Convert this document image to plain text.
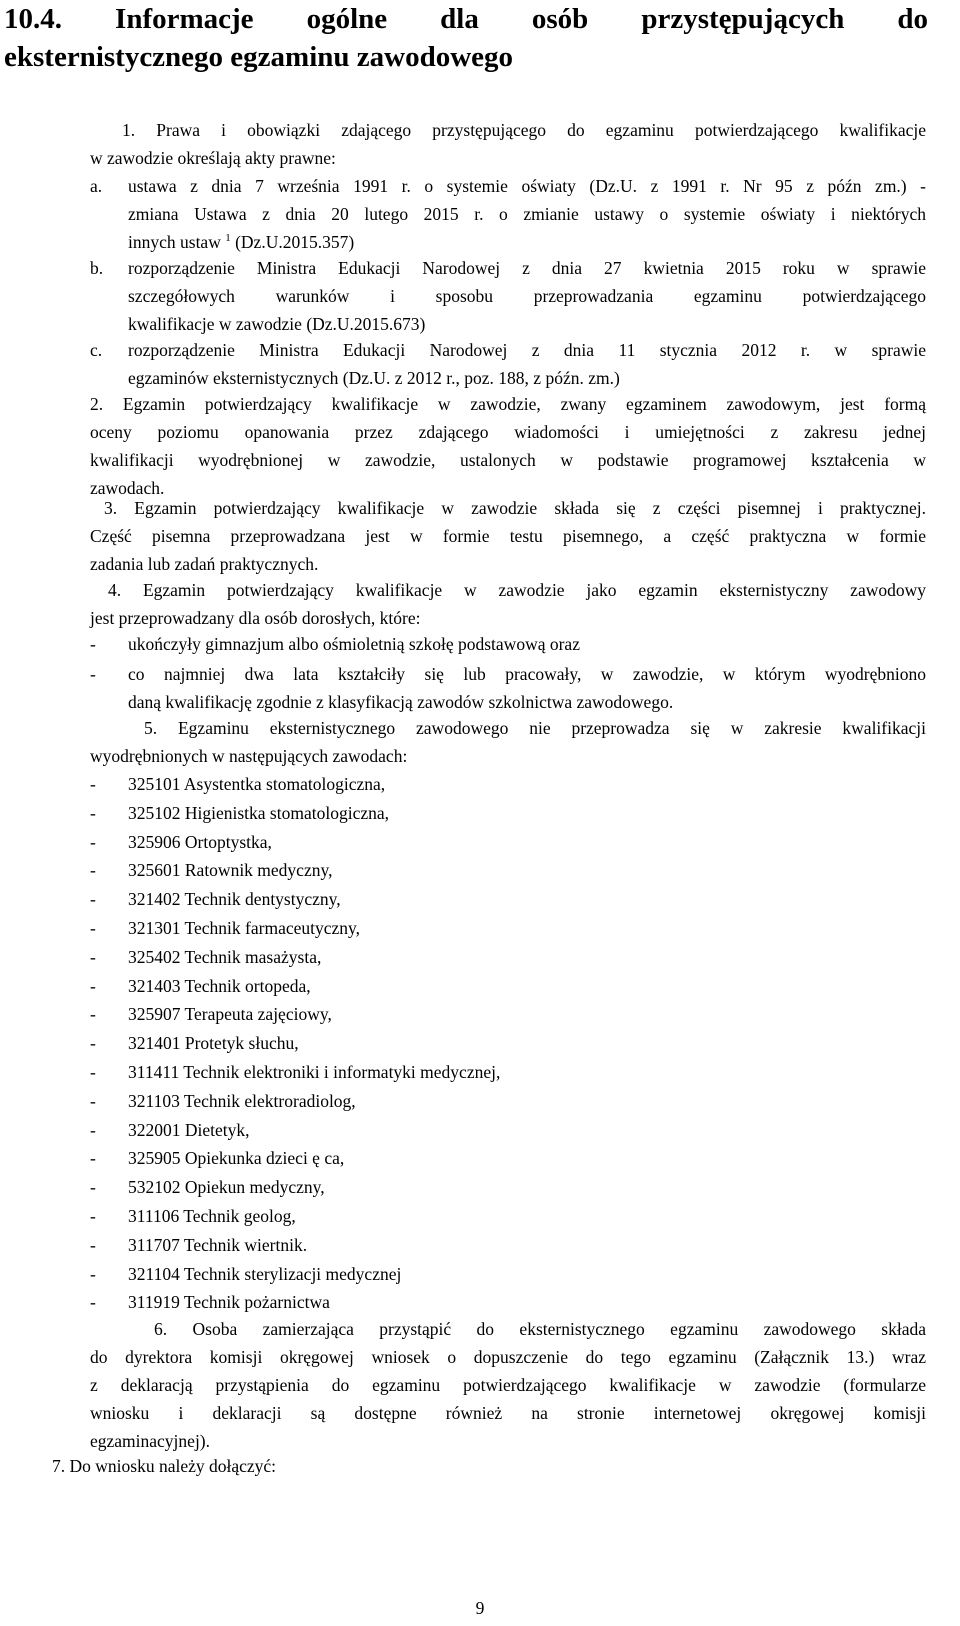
10.4. Informacje ogólne dla osób przystępujących do
eksternistycznego egzaminu zawodowego
1. Prawa i obowiązki zdającego przystępującego do egzaminu potwierdzającego kwalifikacje
w zawodzie określają akty prawne:
a. ustawa z dnia 7 września 1991 r. o systemie oświaty (Dz.U. z 1991 r. Nr 95 z późn zm.) -
zmiana Ustawa z dnia 20 lutego 2015 r. o zmianie ustawy o systemie oświaty i niektórych
innych ustaw $^1$ (Dz.U.2015.357)
b. rozporządzenie Ministra Edukacji Narodowej z dnia 27 kwietnia 2015 roku w sprawie
szczegółowych warunków i sposobu przeprowadzania egzaminu potwierdzającego
kwalifikacje w zawodzie (Dz.U.2015.673)
c. rozporządzenie Ministra Edukacji Narodowej z dnia 11 stycznia 2012 r. w sprawie
egzaminów eksternistycznych (Dz.U. z 2012 r., poz. 188, z późn. zm.)
2. Egzamin potwierdzający kwalifikacje w zawodzie, zwany egzaminem zawodowym, jest formą
oceny poziomu opanowania przez zdającego wiadomości i umiejętności z zakresu jednej
kwalifikacji wyodrębnionej w zawodzie, ustalonych w podstawie programowej kształcenia w
zawodach.
3. Egzamin potwierdzający kwalifikacje w zawodzie składa się z części pisemnej i praktycznej.
Część pisemna przeprowadzana jest w formie testu pisemnego, a część praktyczna w formie
zadania lub zadań praktycznych.
4. Egzamin potwierdzający kwalifikacje w zawodzie jako egzamin eksternistyczny zawodowy
jest przeprowadzany dla osób dorosłych, które:
- ukończyły gimnazjum albo ośmioletnią szkołę podstawową oraz
- co najmniej dwa lata kształciły się lub pracowały, w zawodzie, w którym wyodrębniono
daną kwalifikację zgodnie z klasyfikacją zawodów szkolnictwa zawodowego.
5. Egzaminu eksternistycznego zawodowego nie przeprowadza się w zakresie kwalifikacji
wyodrębnionych w następujących zawodach:
- 325101 Asystentka stomatologiczna,
- 325102 Higienistka stomatologiczna,
- 325906 Ortoptystka,
- 325601 Ratownik medyczny,
- 321402 Technik dentystyczny,
- 321301 Technik farmaceutyczny,
- 325402 Technik masażysta,
- 321403 Technik ortopeda,
- 325907 Terapeuta zajęciowy,
- 321401 Protetyk słuchu,
- 311411 Technik elektroniki i informatyki medycznej,
- 321103 Technik elektroradiolog,
- 322001 Dietetyk,
- 325905 Opiekunka dzieci ę ca,
- 532102 Opiekun medyczny,
- 311106 Technik geolog,
- 311707 Technik wiertnik.
- 321104 Technik sterylizacji medycznej
- 311919 Technik pożarnictwa
6. Osoba zamierzająca przystąpić do eksternistycznego egzaminu zawodowego składa
do dyrektora komisji okręgowej wniosek o dopuszczenie do tego egzaminu (Załącznik 13.) wraz
z deklaracją przystąpienia do egzaminu potwierdzającego kwalifikacje w zawodzie (formularze
wniosku i deklaracji są dostępne również na stronie internetowej okręgowej komisji
egzaminacyjnej).
7. Do wniosku należy dołączyć:
9
